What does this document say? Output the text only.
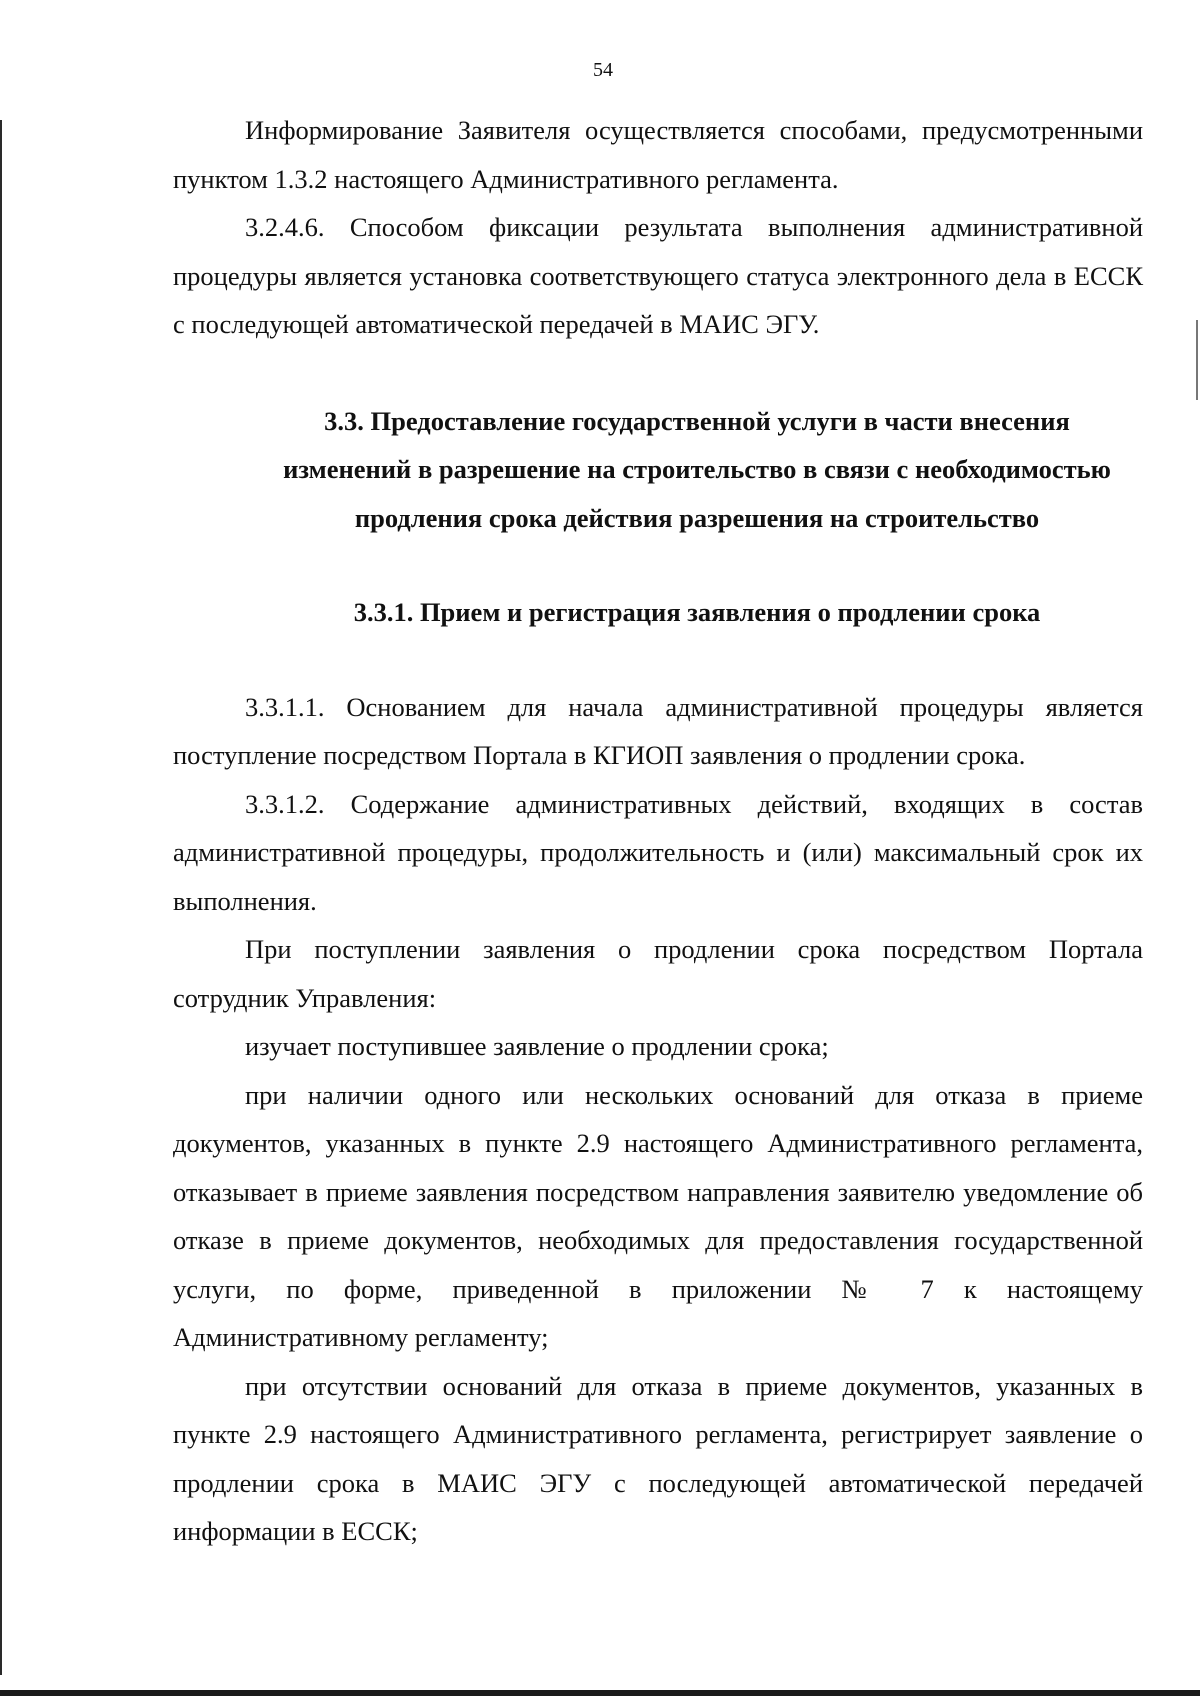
54

Информирование Заявителя осуществляется способами, предусмотренными пунктом 1.3.2 настоящего Административного регламента.

3.2.4.6. Способом фиксации результата выполнения административной процедуры является установка соответствующего статуса электронного дела в ЕССК с последующей автоматической передачей в МАИС ЭГУ.

3.3. Предоставление государственной услуги в части внесения
изменений в разрешение на строительство в связи с необходимостью
продления срока действия разрешения на строительство
3.3.1. Прием и регистрация заявления о продлении срока

3.3.1.1. Основанием для начала административной процедуры является поступление посредством Портала в КГИОП заявления о продлении срока.

3.3.1.2. Содержание административных действий, входящих в состав административной процедуры, продолжительность и (или) максимальный срок их выполнения.

При поступлении заявления о продлении срока посредством Портала сотрудник Управления:

изучает поступившее заявление о продлении срока;

при наличии одного или нескольких оснований для отказа в приеме документов, указанных в пункте 2.9 настоящего Административного регламента, отказывает в приеме заявления посредством направления заявителю уведомление об отказе в приеме документов, необходимых для предоставления государственной услуги, по форме, приведенной в приложении № 7 к настоящему Административному регламенту;

при отсутствии оснований для отказа в приеме документов, указанных в пункте 2.9 настоящего Административного регламента, регистрирует заявление о продлении срока в МАИС ЭГУ с последующей автоматической передачей информации в ЕССК;
